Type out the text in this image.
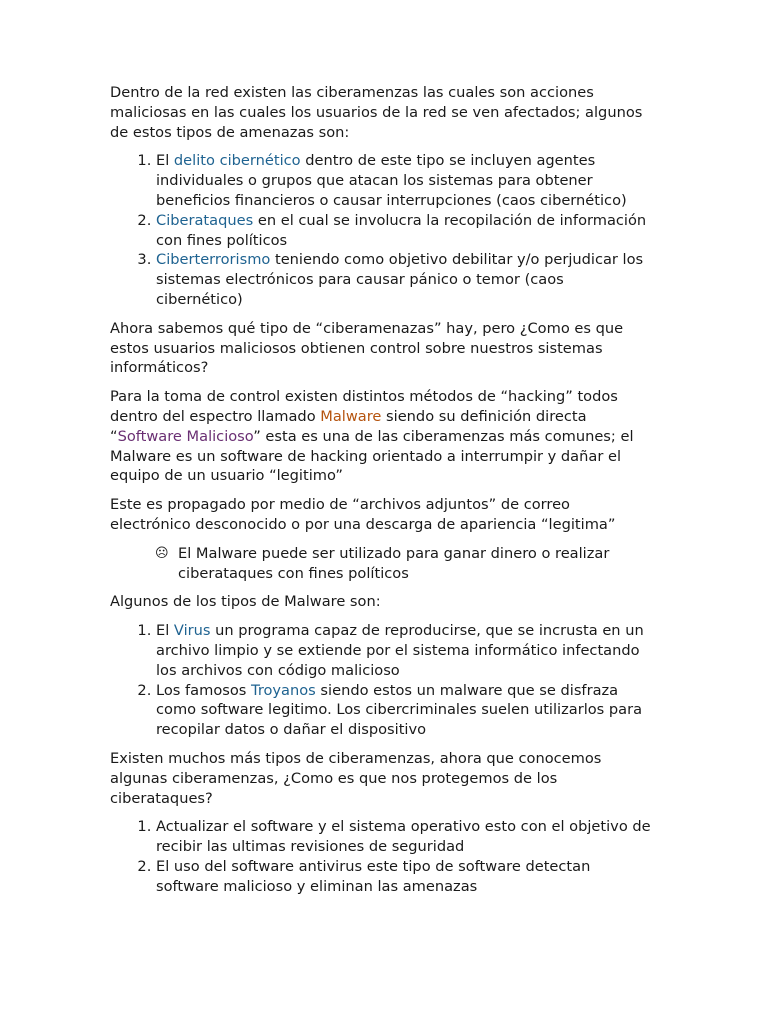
Dentro de la red existen las ciberamenzas las cuales son acciones maliciosas en las cuales los usuarios de la red se ven afectados; algunos de estos tipos de amenazas son:

1. El delito cibernético dentro de este tipo se incluyen agentes individuales o grupos que atacan los sistemas para obtener beneficios financieros o causar interrupciones (caos cibernético)
2. Ciberataques en el cual se involucra la recopilación de información con fines políticos
3. Ciberterrorismo teniendo como objetivo debilitar y/o perjudicar los sistemas electrónicos para causar pánico o temor (caos cibernético)

Ahora sabemos qué tipo de “ciberamenazas” hay, pero ¿Como es que estos usuarios maliciosos obtienen control sobre nuestros sistemas informáticos?

Para la toma de control existen distintos métodos de “hacking” todos dentro del espectro llamado Malware siendo su definición directa “Software Malicioso” esta es una de las ciberamenzas más comunes; el Malware es un software de hacking orientado a interrumpir y dañar el equipo de un usuario “legitimo”

Este es propagado por medio de “archivos adjuntos” de correo electrónico desconocido o por una descarga de apariencia “legitima”

☹ El Malware puede ser utilizado para ganar dinero o realizar ciberataques con fines políticos

Algunos de los tipos de Malware son:

1. El Virus un programa capaz de reproducirse, que se incrusta en un archivo limpio y se extiende por el sistema informático infectando los archivos con código malicioso
2. Los famosos Troyanos siendo estos un malware que se disfraza como software legitimo. Los cibercriminales suelen utilizarlos para recopilar datos o dañar el dispositivo

Existen muchos más tipos de ciberamenzas, ahora que conocemos algunas ciberamenzas, ¿Como es que nos protegemos de los ciberataques?

1. Actualizar el software y el sistema operativo esto con el objetivo de recibir las ultimas revisiones de seguridad
2. El uso del software antivirus este tipo de software detectan software malicioso y eliminan las amenazas
